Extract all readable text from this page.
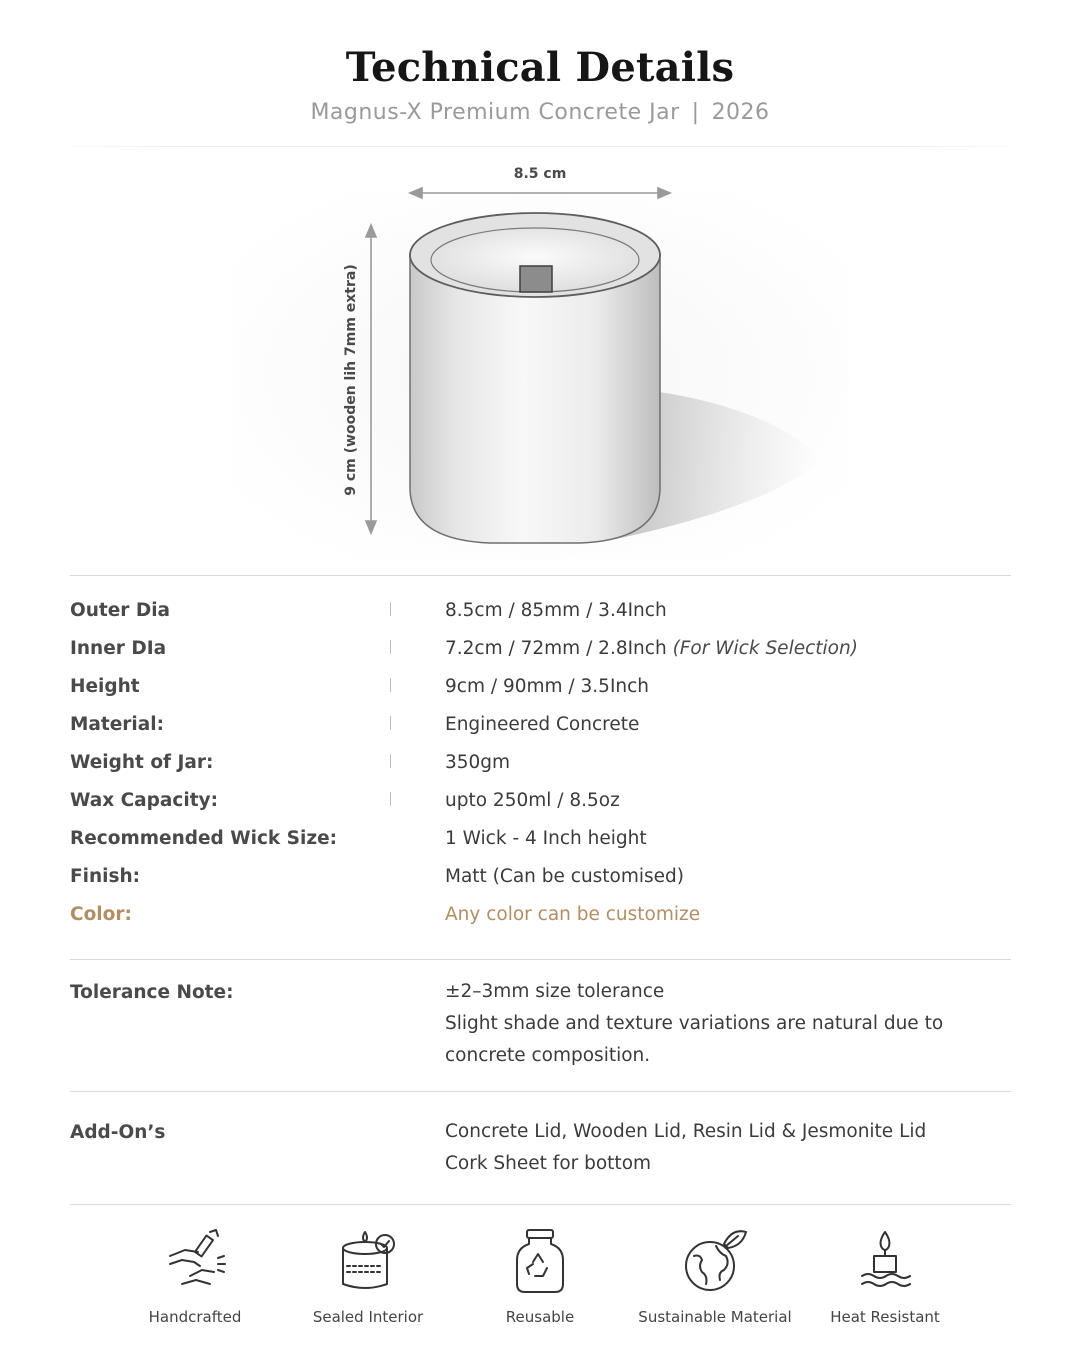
Technical Details
Magnus-X Premium Concrete Jar | 2026
8.5 cm
9 cm (wooden lih 7mm extra)
Outer Dia	8.5cm / 85mm / 3.4Inch
Inner DIa	7.2cm / 72mm / 2.8Inch (For Wick Selection)
Height	9cm / 90mm / 3.5Inch
Material:	Engineered Concrete
Weight of Jar:	350gm
Wax Capacity:	upto 250ml / 8.5oz
Recommended Wick Size:	1 Wick - 4 Inch height
Finish:	Matt (Can be customised)
Color:	Any color can be customize
Tolerance Note:	±2–3mm size tolerance
Slight shade and texture variations are natural due to
concrete composition.
Add-On’s	Concrete Lid, Wooden Lid, Resin Lid & Jesmonite Lid
Cork Sheet for bottom
Handcrafted	Sealed Interior	Reusable	Sustainable Material	Heat Resistant
